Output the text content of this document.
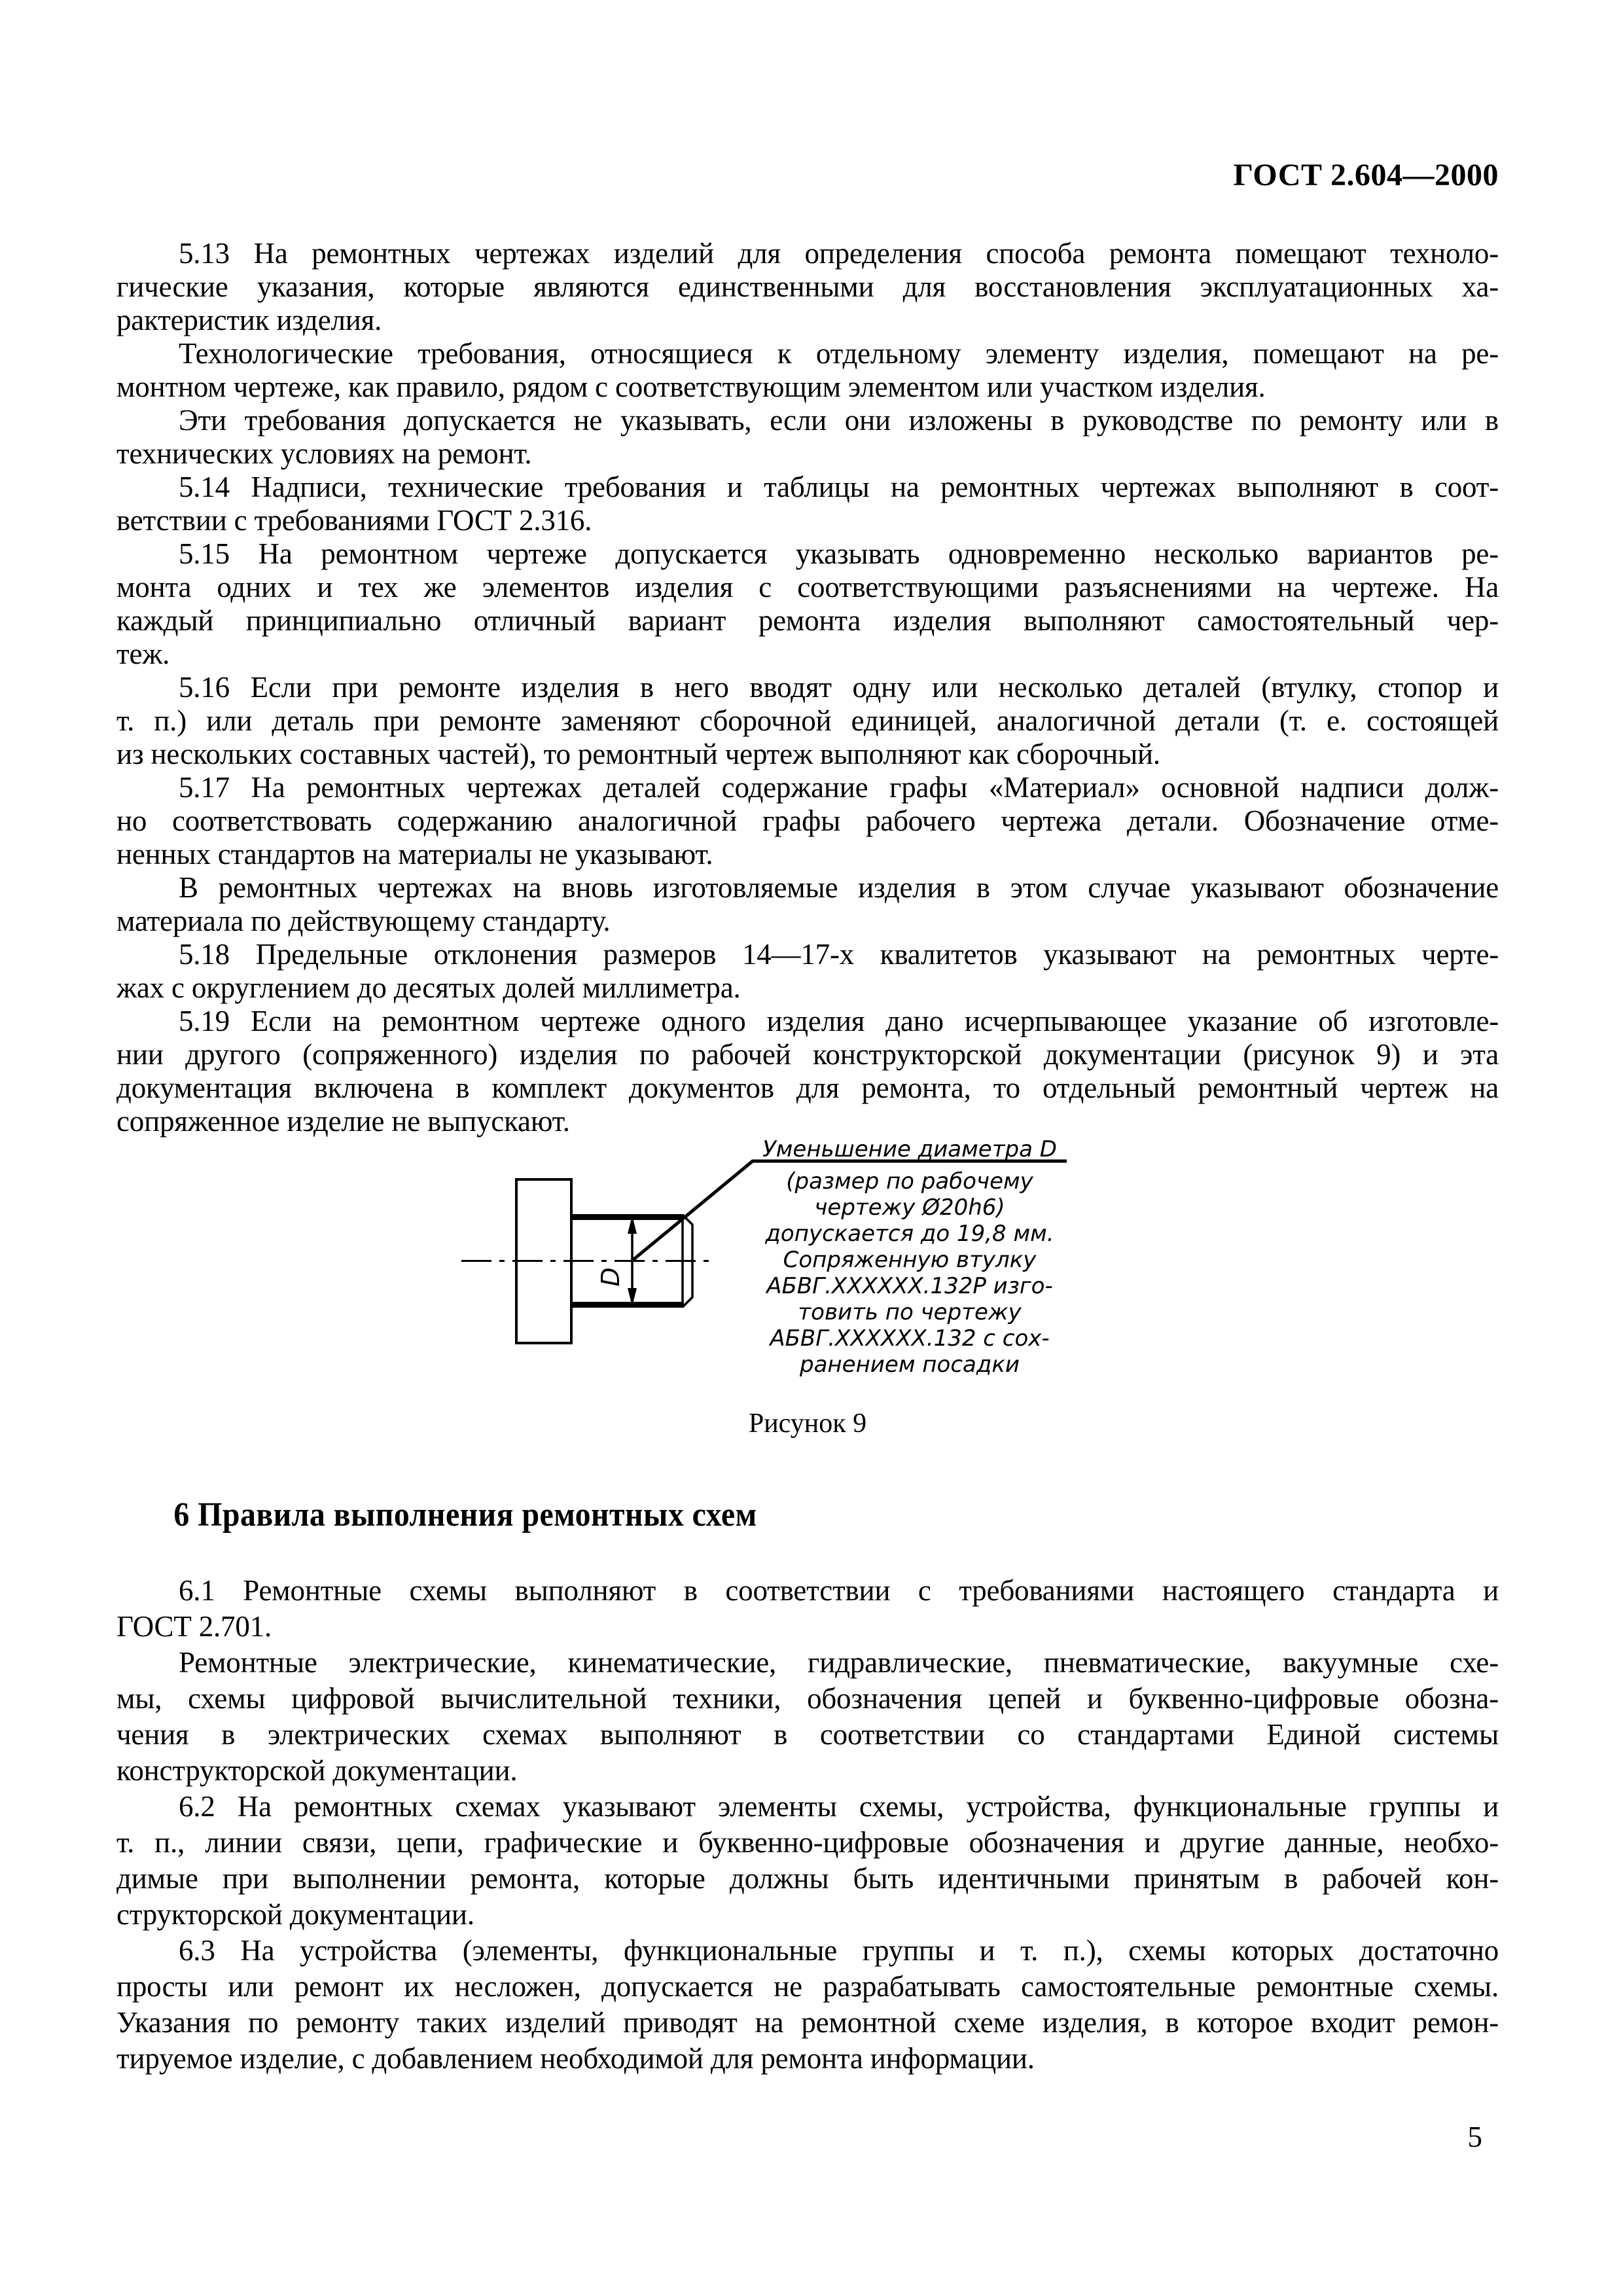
ГОСТ 2.604—2000
5.13 На ремонтных чертежах изделий для определения способа ремонта помещают техноло-
гические указания, которые являются единственными для восстановления эксплуатационных ха-
рактеристик изделия.
Технологические требования, относящиеся к отдельному элементу изделия, помещают на ре-
монтном чертеже, как правило, рядом с соответствующим элементом или участком изделия.
Эти требования допускается не указывать, если они изложены в руководстве по ремонту или в
технических условиях на ремонт.
5.14 Надписи, технические требования и таблицы на ремонтных чертежах выполняют в соот-
ветствии с требованиями ГОСТ 2.316.
5.15 На ремонтном чертеже допускается указывать одновременно несколько вариантов ре-
монта одних и тех же элементов изделия с соответствующими разъяснениями на чертеже. На
каждый принципиально отличный вариант ремонта изделия выполняют самостоятельный чер-
теж.
5.16 Если при ремонте изделия в него вводят одну или несколько деталей (втулку, стопор и
т. п.) или деталь при ремонте заменяют сборочной единицей, аналогичной детали (т. е. состоящей
из нескольких составных частей), то ремонтный чертеж выполняют как сборочный.
5.17 На ремонтных чертежах деталей содержание графы «Материал» основной надписи долж-
но соответствовать содержанию аналогичной графы рабочего чертежа детали. Обозначение отме-
ненных стандартов на материалы не указывают.
В ремонтных чертежах на вновь изготовляемые изделия в этом случае указывают обозначение
материала по действующему стандарту.
5.18 Предельные отклонения размеров 14—17-х квалитетов указывают на ремонтных черте-
жах с округлением до десятых долей миллиметра.
5.19 Если на ремонтном чертеже одного изделия дано исчерпывающее указание об изготовле-
нии другого (сопряженного) изделия по рабочей конструкторской документации (рисунок 9) и эта
документация включена в комплект документов для ремонта, то отдельный ремонтный чертеж на
сопряженное изделие не выпускают.
D
Уменьшение диаметра D
(размер по рабочему
чертежу Ø20h6)
допускается до 19,8 мм.
Сопряженную втулку
АБВГ.ХХХХХХ.132Р изго-
товить по чертежу
АБВГ.ХХХХХХ.132 с сох-
ранением посадки
Рисунок 9
6 Правила выполнения ремонтных схем
6.1 Ремонтные схемы выполняют в соответствии с требованиями настоящего стандарта и
ГОСТ 2.701.
Ремонтные электрические, кинематические, гидравлические, пневматические, вакуумные схе-
мы, схемы цифровой вычислительной техники, обозначения цепей и буквенно-цифровые обозна-
чения в электрических схемах выполняют в соответствии со стандартами Единой системы
конструкторской документации.
6.2 На ремонтных схемах указывают элементы схемы, устройства, функциональные группы и
т. п., линии связи, цепи, графические и буквенно-цифровые обозначения и другие данные, необхо-
димые при выполнении ремонта, которые должны быть идентичными принятым в рабочей кон-
структорской документации.
6.3 На устройства (элементы, функциональные группы и т. п.), схемы которых достаточно
просты или ремонт их несложен, допускается не разрабатывать самостоятельные ремонтные схемы.
Указания по ремонту таких изделий приводят на ремонтной схеме изделия, в которое входит ремон-
тируемое изделие, с добавлением необходимой для ремонта информации.
5
